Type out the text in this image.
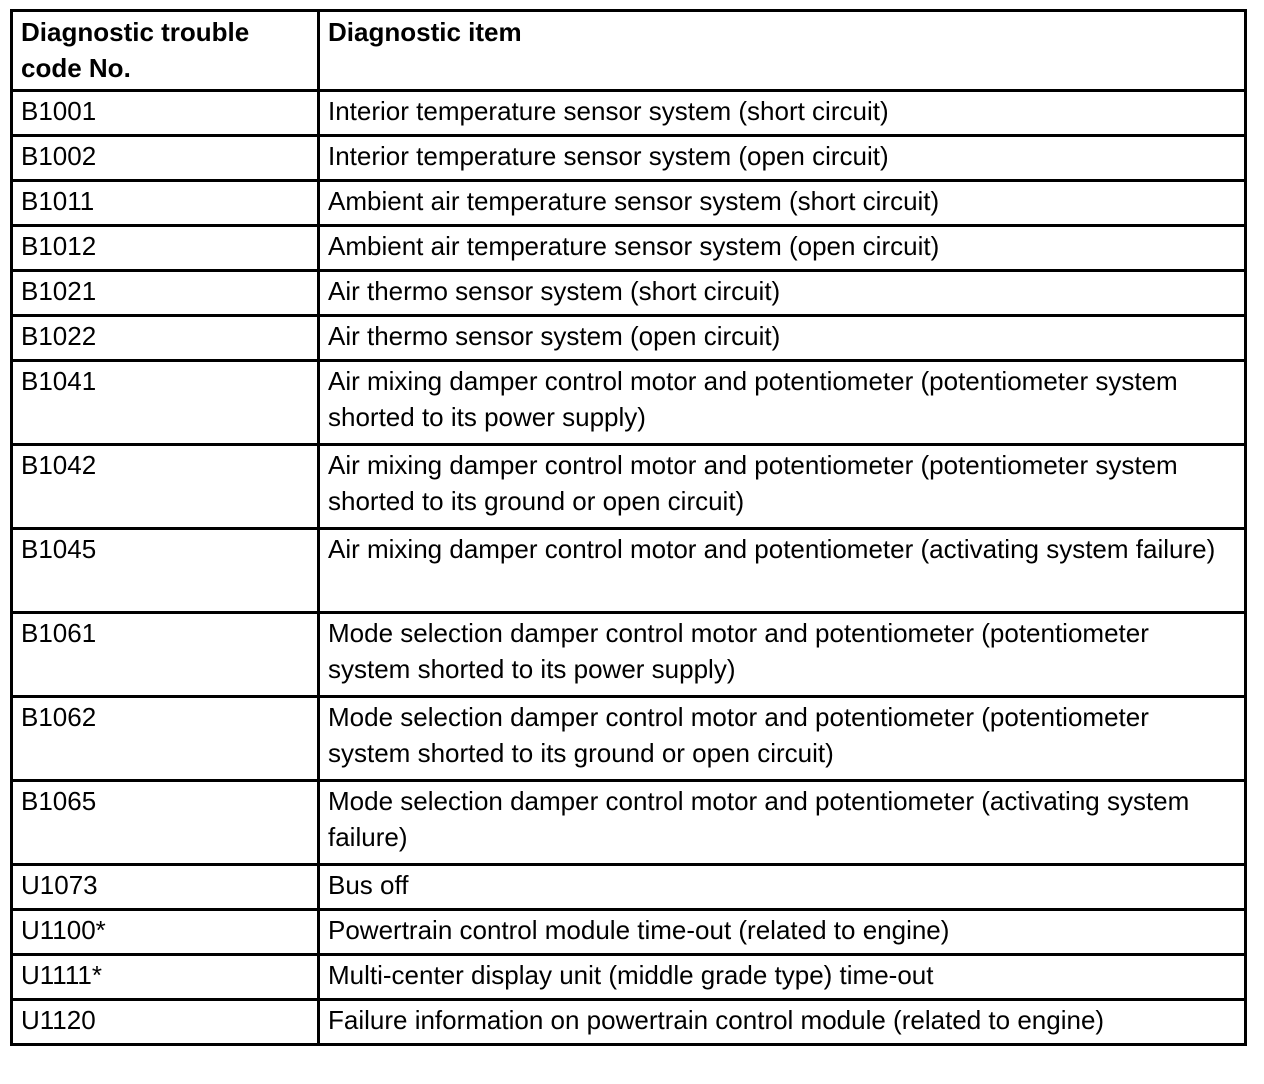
Diagnostic trouble code No.	Diagnostic item
B1001	Interior temperature sensor system (short circuit)
B1002	Interior temperature sensor system (open circuit)
B1011	Ambient air temperature sensor system (short circuit)
B1012	Ambient air temperature sensor system (open circuit)
B1021	Air thermo sensor system (short circuit)
B1022	Air thermo sensor system (open circuit)
B1041	Air mixing damper control motor and potentiometer (potentiometer system shorted to its power supply)
B1042	Air mixing damper control motor and potentiometer (potentiometer system shorted to its ground or open circuit)
B1045	Air mixing damper control motor and potentiometer (activating system failure)
B1061	Mode selection damper control motor and potentiometer (potentiometer system shorted to its power supply)
B1062	Mode selection damper control motor and potentiometer (potentiometer system shorted to its ground or open circuit)
B1065	Mode selection damper control motor and potentiometer (activating system failure)
U1073	Bus off
U1100*	Powertrain control module time-out (related to engine)
U1111*	Multi-center display unit (middle grade type) time-out
U1120	Failure information on powertrain control module (related to engine)
